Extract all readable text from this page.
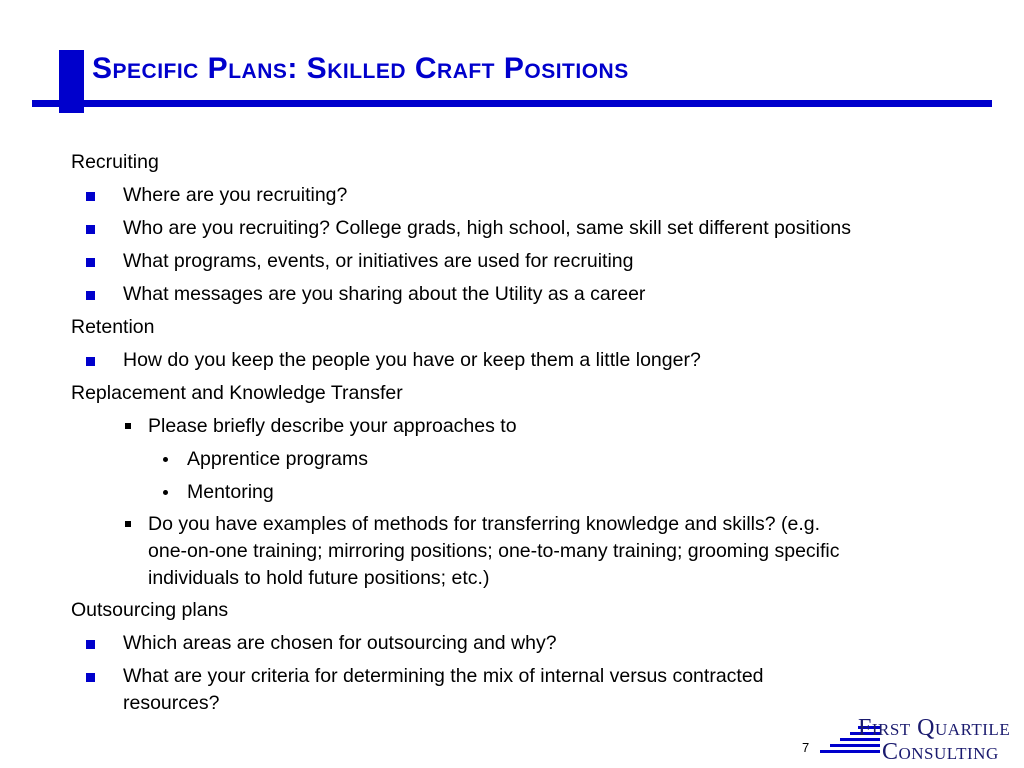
Specific Plans: Skilled Craft Positions
Recruiting
Where are you recruiting?
Who are you recruiting? College grads, high school, same skill set different positions
What programs, events, or initiatives are used for recruiting
What messages are you sharing about the Utility as a career
Retention
How do you keep the people you have or keep them a little longer?
Replacement and Knowledge Transfer
Please briefly describe your approaches to
Apprentice programs
Mentoring
Do you have examples of methods for transferring knowledge and skills? (e.g.
one-on-one training; mirroring positions; one-to-many training; grooming specific
individuals to hold future positions; etc.)
Outsourcing plans
Which areas are chosen for outsourcing and why?
What are your criteria for determining the mix of internal versus contracted
resources?
7
First Quartile
Consulting
